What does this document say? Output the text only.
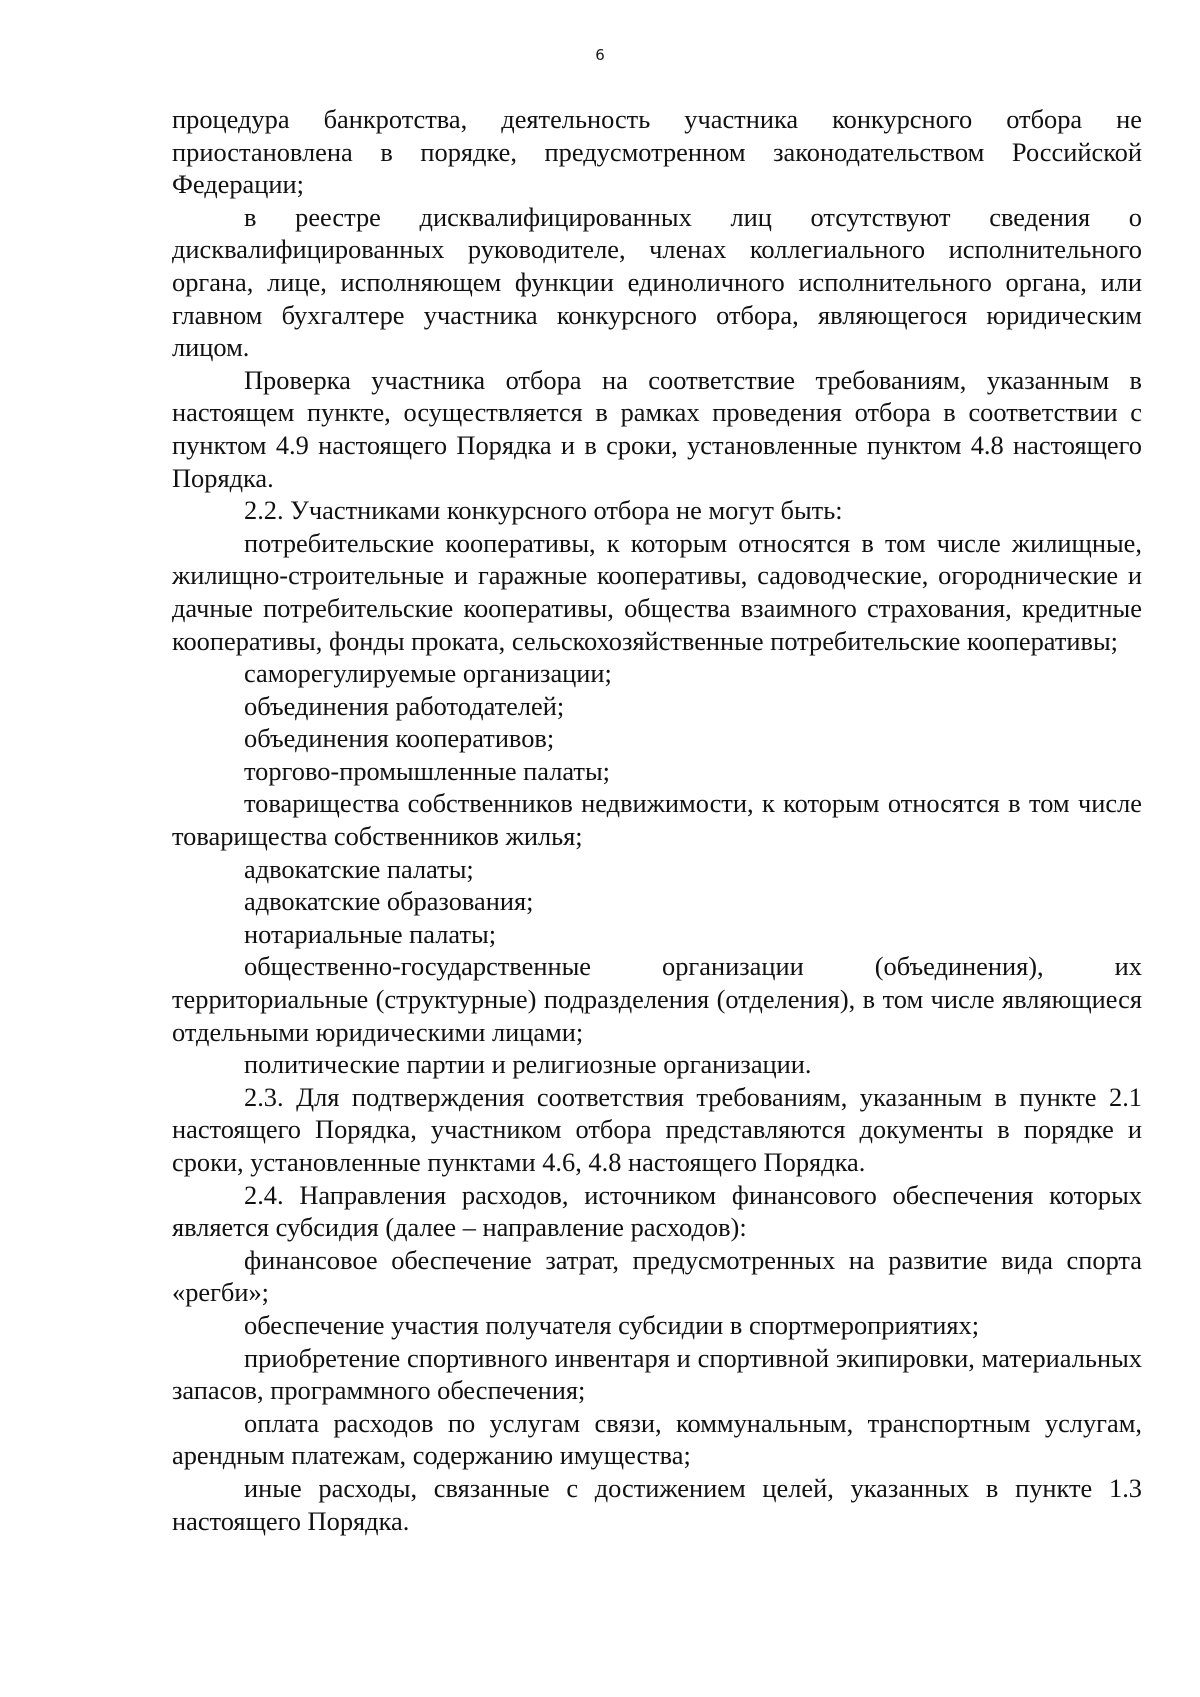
6

процедура банкротства, деятельность участника конкурсного отбора не приостановлена в порядке, предусмотренном законодательством Российской Федерации;

в реестре дисквалифицированных лиц отсутствуют сведения о дисквалифицированных руководителе, членах коллегиального исполнительного органа, лице, исполняющем функции единоличного исполнительного органа, или главном бухгалтере участника конкурсного отбора, являющегося юридическим лицом.

Проверка участника отбора на соответствие требованиям, указанным в настоящем пункте, осуществляется в рамках проведения отбора в соответствии с пунктом 4.9 настоящего Порядка и в сроки, установленные пунктом 4.8 настоящего Порядка.

2.2. Участниками конкурсного отбора не могут быть:

потребительские кооперативы, к которым относятся в том числе жилищные, жилищно-строительные и гаражные кооперативы, садоводческие, огороднические и дачные потребительские кооперативы, общества взаимного страхования, кредитные кооперативы, фонды проката, сельскохозяйственные потребительские кооперативы;

саморегулируемые организации;

объединения работодателей;

объединения кооперативов;

торгово-промышленные палаты;

товарищества собственников недвижимости, к которым относятся в том числе товарищества собственников жилья;

адвокатские палаты;

адвокатские образования;

нотариальные палаты;

общественно-государственные организации (объединения), их территориальные (структурные) подразделения (отделения), в том числе являющиеся отдельными юридическими лицами;

политические партии и религиозные организации.

2.3. Для подтверждения соответствия требованиям, указанным в пункте 2.1 настоящего Порядка, участником отбора представляются документы в порядке и сроки, установленные пунктами 4.6, 4.8 настоящего Порядка.

2.4. Направления расходов, источником финансового обеспечения которых является субсидия (далее – направление расходов):

финансовое обеспечение затрат, предусмотренных на развитие вида спорта «регби»;

обеспечение участия получателя субсидии в спортмероприятиях;

приобретение спортивного инвентаря и спортивной экипировки, материальных запасов, программного обеспечения;

оплата расходов по услугам связи, коммунальным, транспортным услугам, арендным платежам, содержанию имущества;

иные расходы, связанные с достижением целей, указанных в пункте 1.3 настоящего Порядка.
